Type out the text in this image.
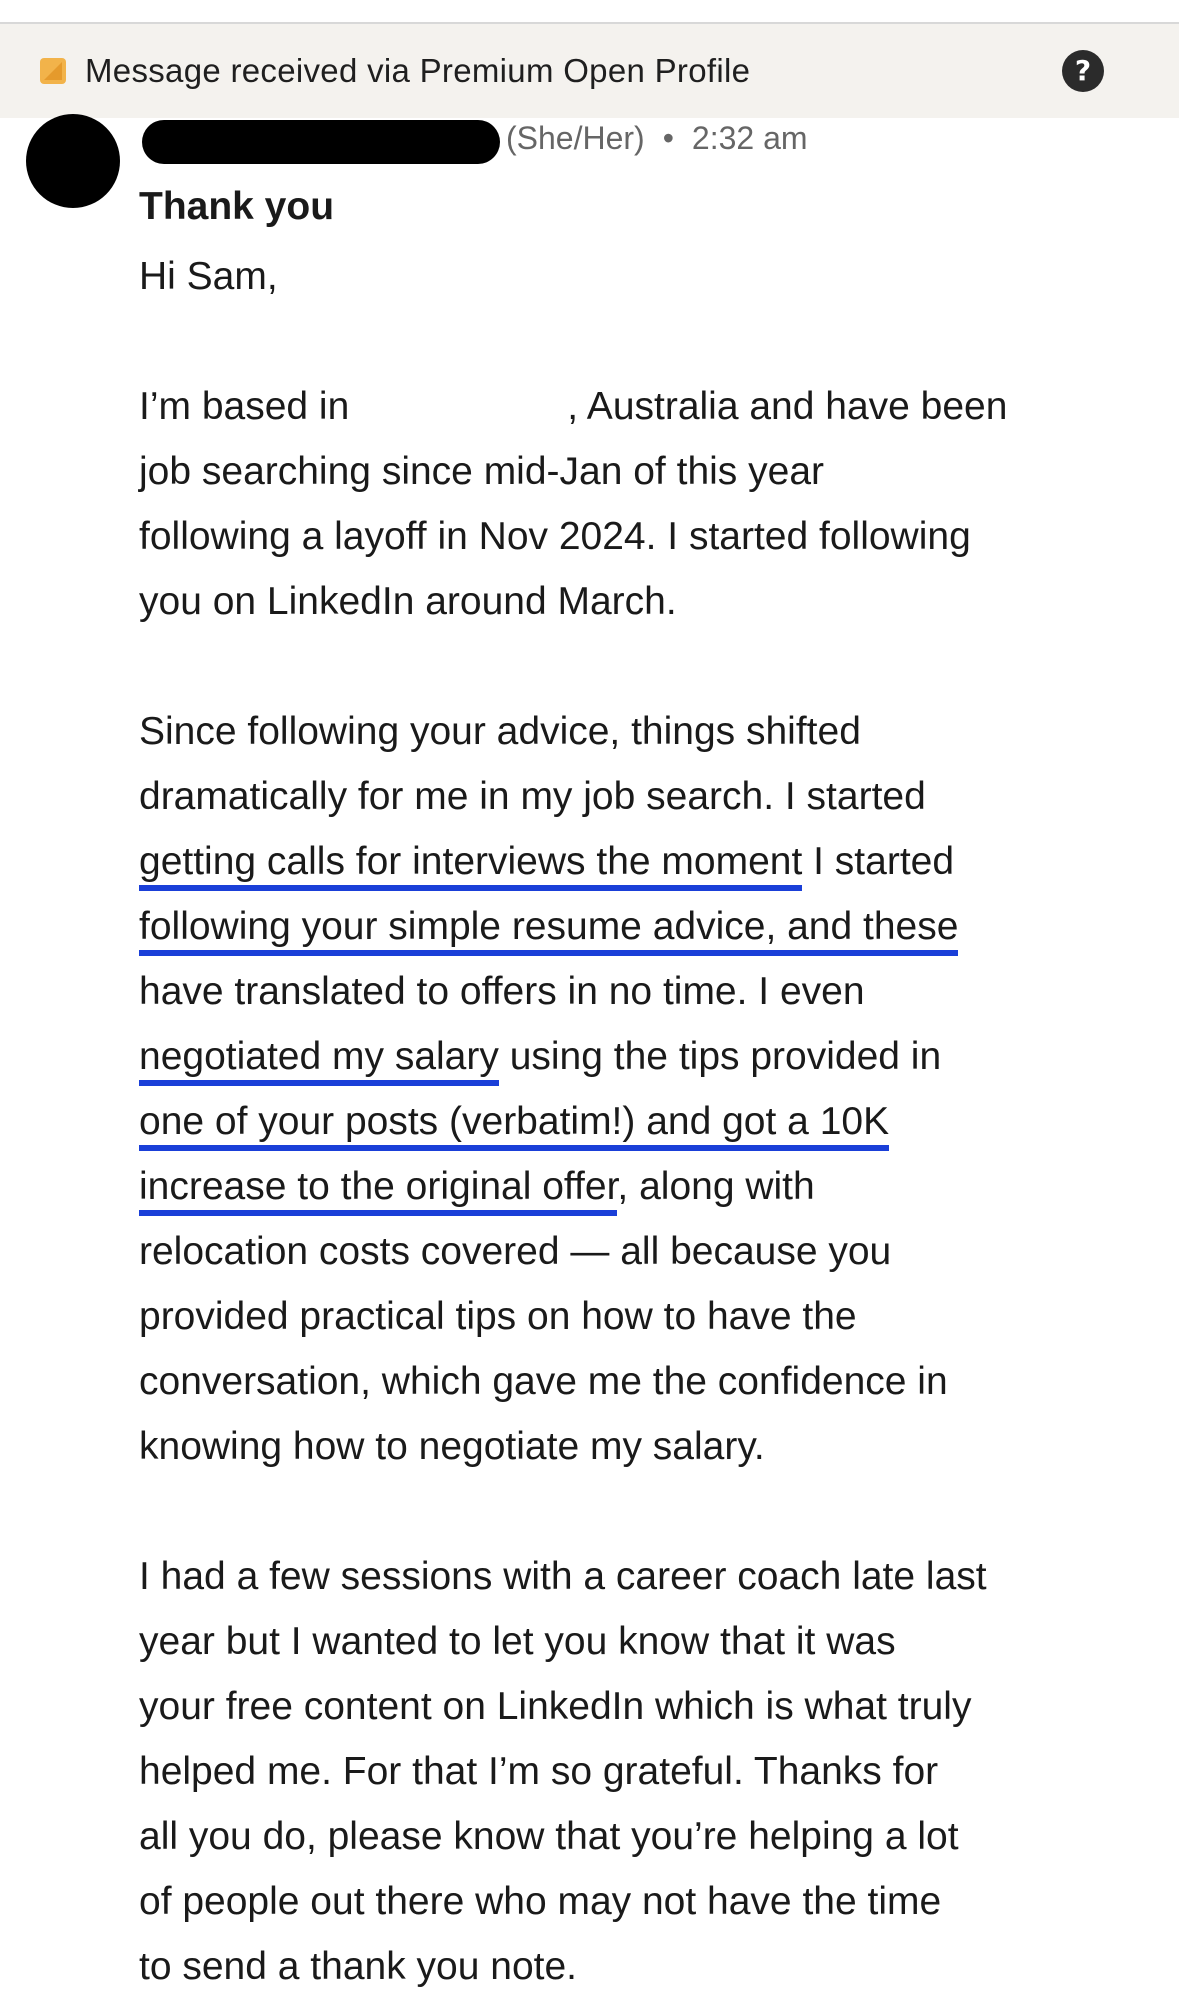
Message received via Premium Open Profile	?
(She/Her) • 2:32 am
Thank you
Hi Sam,
I’m based in	, Australia and have been
job searching since mid-Jan of this year
following a layoff in Nov 2024. I started following
you on LinkedIn around March.
Since following your advice, things shifted
dramatically for me in my job search. I started
getting calls for interviews the moment I started
following your simple resume advice, and these
have translated to offers in no time. I even
negotiated my salary using the tips provided in
one of your posts (verbatim!) and got a 10K
increase to the original offer, along with
relocation costs covered — all because you
provided practical tips on how to have the
conversation, which gave me the confidence in
knowing how to negotiate my salary.
I had a few sessions with a career coach late last
year but I wanted to let you know that it was
your free content on LinkedIn which is what truly
helped me. For that I’m so grateful. Thanks for
all you do, please know that you’re helping a lot
of people out there who may not have the time
to send a thank you note.
